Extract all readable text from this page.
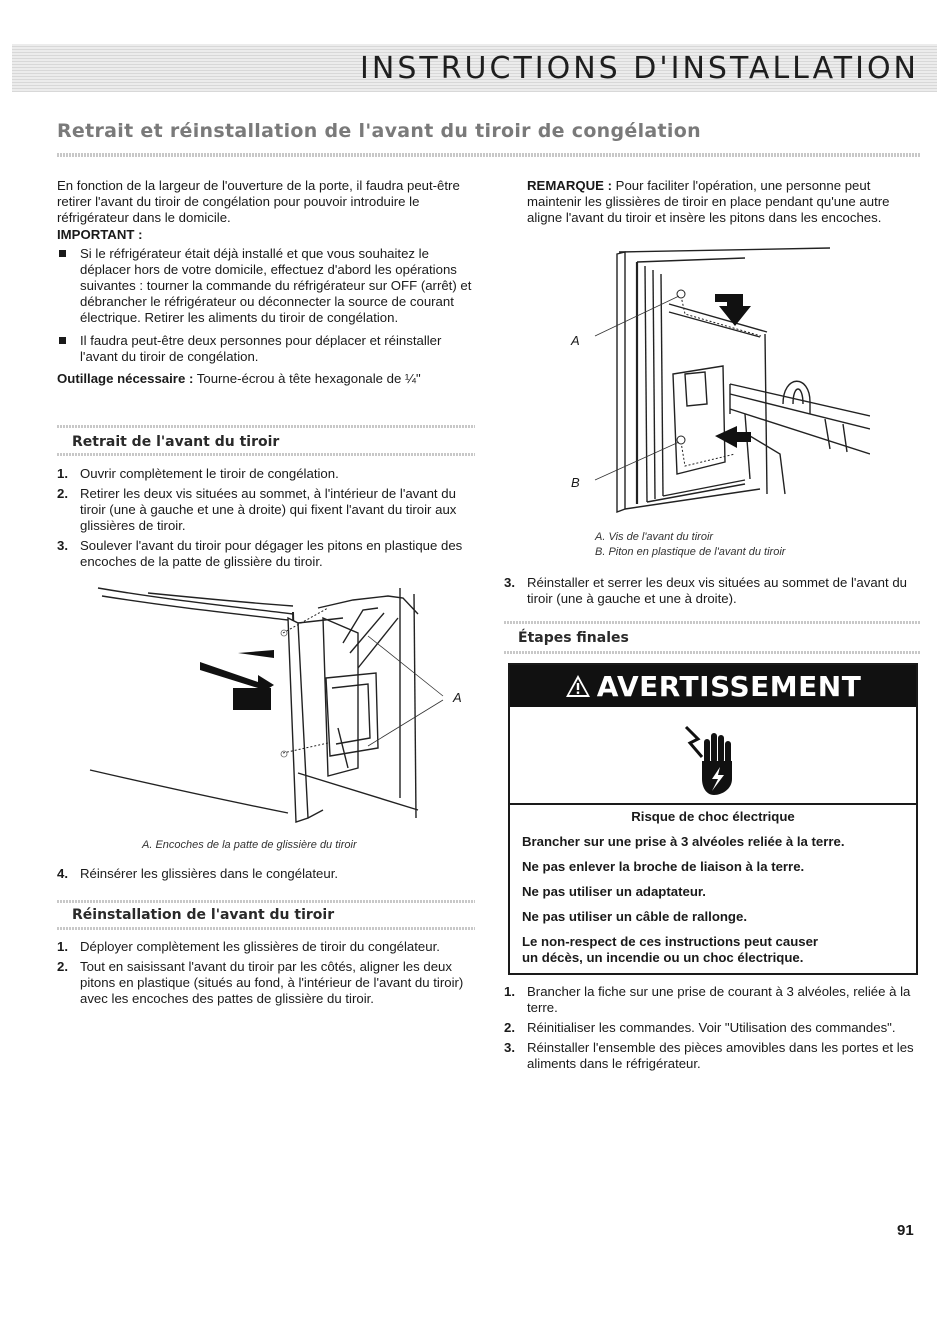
INSTRUCTIONS D'INSTALLATION
Retrait et réinstallation de l'avant du tiroir de congélation

En fonction de la largeur de l'ouverture de la porte, il faudra peut-être retirer l'avant du tiroir de congélation pour pouvoir introduire le réfrigérateur dans le domicile.

IMPORTANT :

Si le réfrigérateur était déjà installé et que vous souhaitez le déplacer hors de votre domicile, effectuez d'abord les opérations suivantes : tourner la commande du réfrigérateur sur OFF (arrêt) et débrancher le réfrigérateur ou déconnecter la source de courant électrique. Retirer les aliments du tiroir de congélation.
Il faudra peut-être deux personnes pour déplacer et réinstaller l'avant du tiroir de congélation.

Outillage nécessaire : Tourne-écrou à tête hexagonale de ¼"

Retrait de l'avant du tiroir
1. Ouvrir complètement le tiroir de congélation.
2. Retirer les deux vis situées au sommet, à l'intérieur de l'avant du tiroir (une à gauche et une à droite) qui fixent l'avant du tiroir aux glissières de tiroir.
3. Soulever l'avant du tiroir pour dégager les pitons en plastique des encoches de la patte de glissière du tiroir.
A
A. Encoches de la patte de glissière du tiroir
4. Réinsérer les glissières dans le congélateur.
Réinstallation de l'avant du tiroir
1. Déployer complètement les glissières de tiroir du congélateur.
2. Tout en saisissant l'avant du tiroir par les côtés, aligner les deux pitons en plastique (situés au fond, à l'intérieur de l'avant du tiroir) avec les encoches des pattes de glissière du tiroir.

REMARQUE : Pour faciliter l'opération, une personne peut maintenir les glissières de tiroir en place pendant qu'une autre aligne l'avant du tiroir et insère les pitons dans les encoches.

A
B
A. Vis de l'avant du tiroir
B. Piton en plastique de l'avant du tiroir
3. Réinstaller et serrer les deux vis situées au sommet de l'avant du tiroir (une à gauche et une à droite).
Étapes finales
AVERTISSEMENT
Risque de choc électrique
Brancher sur une prise à 3 alvéoles reliée à la terre.
Ne pas enlever la broche de liaison à la terre.
Ne pas utiliser un adaptateur.
Ne pas utiliser un câble de rallonge.
Le non-respect de ces instructions peut causer
un décès, un incendie ou un choc électrique.
1. Brancher la fiche sur une prise de courant à 3 alvéoles, reliée à la terre.
2. Réinitialiser les commandes. Voir "Utilisation des commandes".
3. Réinstaller l'ensemble des pièces amovibles dans les portes et les aliments dans le réfrigérateur.
91
